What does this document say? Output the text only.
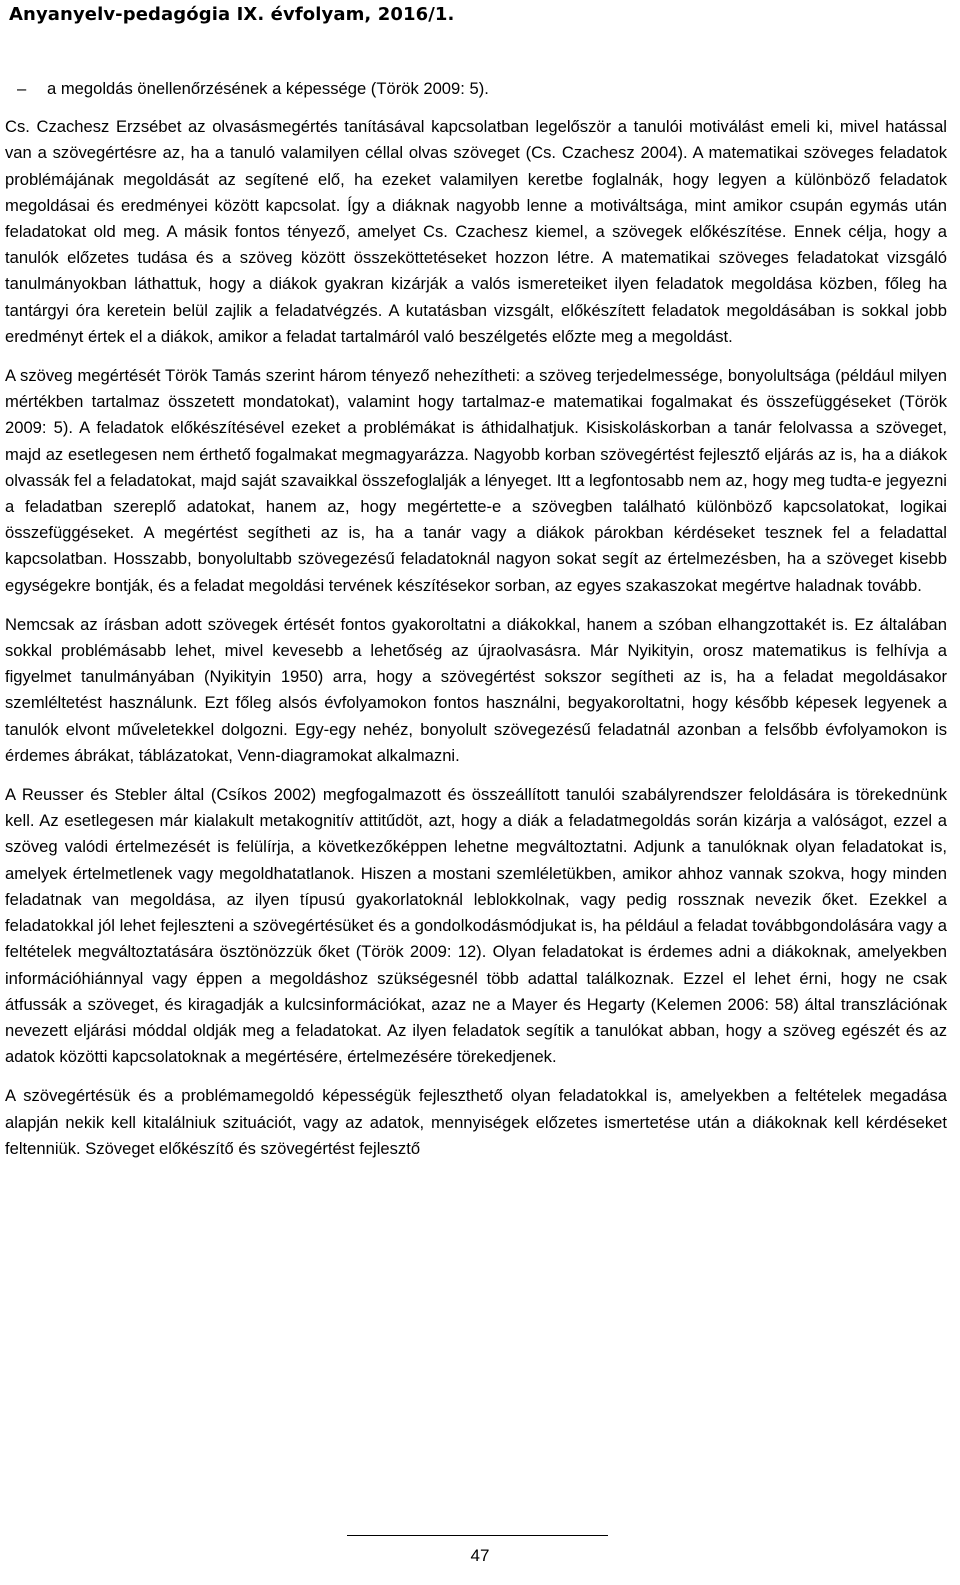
Anyanyelv-pedagógia IX. évfolyam, 2016/1.
–	a megoldás önellenőrzésének a képessége (Török 2009: 5).

Cs. Czachesz Erzsébet az olvasásmegértés tanításával kapcsolatban legelőször a tanulói motiválást emeli ki, mivel hatással van a szövegértésre az, ha a tanuló valamilyen céllal olvas szöveget (Cs. Czachesz 2004). A matematikai szöveges feladatok problémájának megoldását az segítené elő, ha ezeket valamilyen keretbe foglalnák, hogy legyen a különböző feladatok megoldásai és eredményei között kapcsolat. Így a diáknak nagyobb lenne a motiváltsága, mint amikor csupán egymás után feladatokat old meg. A másik fontos tényező, amelyet Cs. Czachesz kiemel, a szövegek előkészítése. Ennek célja, hogy a tanulók előzetes tudása és a szöveg között összeköttetéseket hozzon létre. A matematikai szöveges feladatokat vizsgáló tanulmányokban láthattuk, hogy a diákok gyakran kizárják a valós ismereteiket ilyen feladatok megoldása közben, főleg ha tantárgyi óra keretein belül zajlik a feladatvégzés. A kutatásban vizsgált, előkészített feladatok megoldásában is sokkal jobb eredményt értek el a diákok, amikor a feladat tartalmáról való beszélgetés előzte meg a megoldást.

A szöveg megértését Török Tamás szerint három tényező nehezítheti: a szöveg terjedelmessége, bonyolultsága (például milyen mértékben tartalmaz összetett mondatokat), valamint hogy tartalmaz-e matematikai fogalmakat és összefüggéseket (Török 2009: 5). A feladatok előkészítésével ezeket a problémákat is áthidalhatjuk. Kisiskoláskorban a tanár felolvassa a szöveget, majd az esetlegesen nem érthető fogalmakat megmagyarázza. Nagyobb korban szövegértést fejlesztő eljárás az is, ha a diákok olvassák fel a feladatokat, majd saját szavaikkal összefoglalják a lényeget. Itt a legfontosabb nem az, hogy meg tudta-e jegyezni a feladatban szereplő adatokat, hanem az, hogy megértette-e a szövegben található különböző kapcsolatokat, logikai összefüggéseket. A megértést segítheti az is, ha a tanár vagy a diákok párokban kérdéseket tesznek fel a feladattal kapcsolatban. Hosszabb, bonyolultabb szövegezésű feladatoknál nagyon sokat segít az értelmezésben, ha a szöveget kisebb egységekre bontják, és a feladat megoldási tervének készítésekor sorban, az egyes szakaszokat megértve haladnak tovább.

Nemcsak az írásban adott szövegek értését fontos gyakoroltatni a diákokkal, hanem a szóban elhangzottakét is. Ez általában sokkal problémásabb lehet, mivel kevesebb a lehetőség az újraolvasásra. Már Nyikityin, orosz matematikus is felhívja a figyelmet tanulmányában (Nyikityin 1950) arra, hogy a szövegértést sokszor segítheti az is, ha a feladat megoldásakor szemléltetést használunk. Ezt főleg alsós évfolyamokon fontos használni, begyakoroltatni, hogy később képesek legyenek a tanulók elvont műveletekkel dolgozni. Egy-egy nehéz, bonyolult szövegezésű feladatnál azonban a felsőbb évfolyamokon is érdemes ábrákat, táblázatokat, Venn-diagramokat alkalmazni.

A Reusser és Stebler által (Csíkos 2002) megfogalmazott és összeállított tanulói szabályrendszer feloldására is törekednünk kell. Az esetlegesen már kialakult metakognitív attitűdöt, azt, hogy a diák a feladatmegoldás során kizárja a valóságot, ezzel a szöveg valódi értelmezését is felülírja, a következőképpen lehetne megváltoztatni. Adjunk a tanulóknak olyan feladatokat is, amelyek értelmetlenek vagy megoldhatatlanok. Hiszen a mostani szemléletükben, amikor ahhoz vannak szokva, hogy minden feladatnak van megoldása, az ilyen típusú gyakorlatoknál leblokkolnak, vagy pedig rossznak nevezik őket. Ezekkel a feladatokkal jól lehet fejleszteni a szövegértésüket és a gondolkodásmódjukat is, ha például a feladat továbbgondolására vagy a feltételek megváltoztatására ösztönözzük őket (Török 2009: 12). Olyan feladatokat is érdemes adni a diákoknak, amelyekben információhiánnyal vagy éppen a megoldáshoz szükségesnél több adattal találkoznak. Ezzel el lehet érni, hogy ne csak átfussák a szöveget, és kiragadják a kulcsinformációkat, azaz ne a Mayer és Hegarty (Kelemen 2006: 58) által transzlációnak nevezett eljárási móddal oldják meg a feladatokat. Az ilyen feladatok segítik a tanulókat abban, hogy a szöveg egészét és az adatok közötti kapcsolatoknak a megértésére, értelmezésére törekedjenek.

A szövegértésük és a problémamegoldó képességük fejleszthető olyan feladatokkal is, amelyekben a feltételek megadása alapján nekik kell kitalálniuk szituációt, vagy az adatok, mennyiségek előzetes ismertetése után a diákoknak kell kérdéseket feltenniük. Szöveget előkészítő és szövegértést fejlesztő

47
